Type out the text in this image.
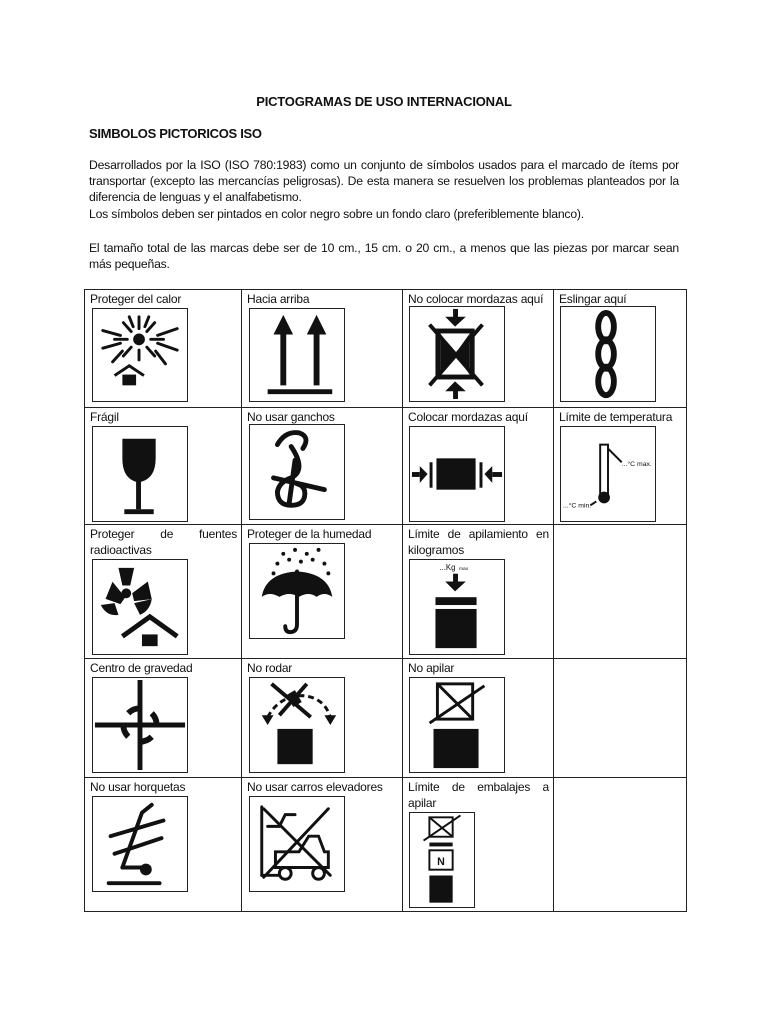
PICTOGRAMAS DE USO INTERNACIONAL
SIMBOLOS PICTORICOS ISO
Desarrollados por la ISO (ISO 780:1983) como un conjunto de símbolos usados para el marcado de ítems por transportar (excepto las mercancías peligrosas). De esta manera se resuelven los problemas planteados por la diferencia de lenguas y el analfabetismo.
Los símbolos deben ser pintados en color negro sobre un fondo claro (preferiblemente blanco).
El tamaño total de las marcas debe ser de 10 cm., 15 cm. o 20 cm., a menos que las piezas por marcar sean más pequeñas.
Proteger del calor	Hacia arriba	No colocar mordazas aquí	Eslingar aquí

Frágil	No usar ganchos	Colocar mordazas aquí	Límite de temperatura
...°C max.
...°C min.

Proteger de fuentes radioactivas	Proteger de la humedad	Límite de apilamiento en kilogramos
...Kg max	

Centro de gravedad	No rodar	No apilar	

No usar horquetas	No usar carros elevadores	Límite de embalajes a apilar
N	
